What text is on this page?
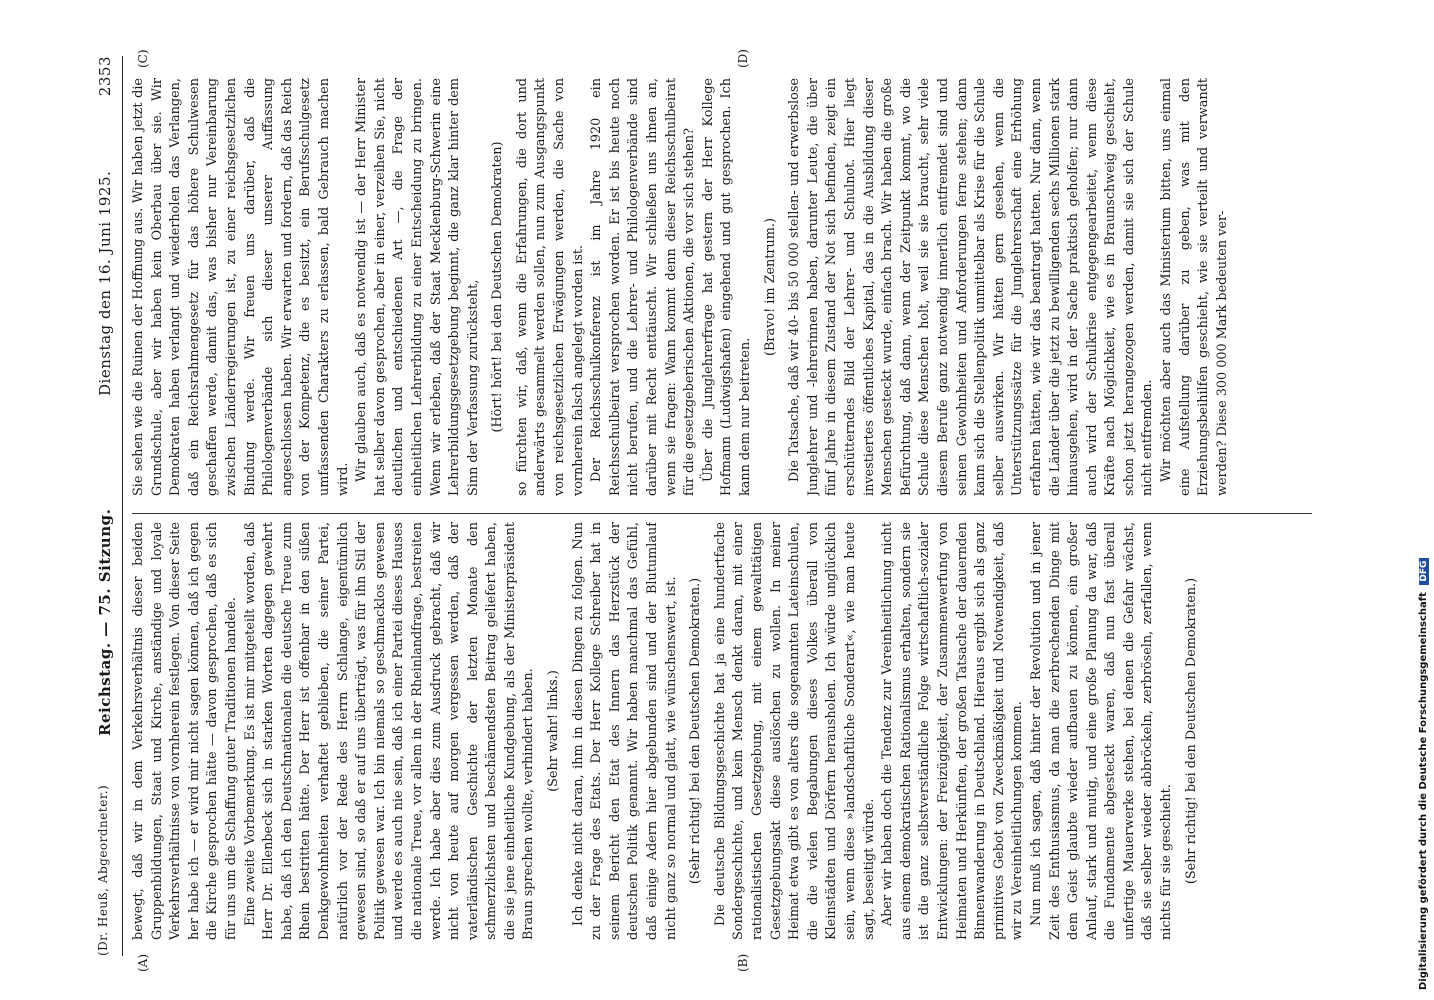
(Dr. Heuß, Abgeordneter.)
Reichstag. — 75. Sitzung.
Dienstag den 16. Juni 1925.
2353
(A)	(B)
(C)	(D)

bewegt, daß wir in dem Verkehrsverhältnis dieser beiden Gruppenbildungen, Staat und Kirche, anständige und loyale Verkehrsverhältnisse von vornherein festlegen. Von dieser Seite her habe ich — er wird mir nicht sagen können, daß ich gegen die Kirche gesprochen hätte — davon gesprochen, daß es sich für uns um die Schaffung guter Traditionen handele. Eine zweite Vorbemerkung. Es ist mir mitgeteilt worden, daß Herr Dr. Ellenbeck sich in starken Worten dagegen gewehrt habe, daß ich den Deutschnationalen die deutsche Treue zum Rhein bestritten hätte. Der Herr ist offenbar in den süßen Denkgewohnheiten verhaftet geblieben, die seiner Partei, natürlich vor der Rede des Herrn Schlange, eigentümlich gewesen sind, so daß er auf uns überträgt, was für ihn Stil der Politik gewesen war. Ich bin niemals so geschmacklos gewesen und werde es auch nie sein, daß ich einer Partei dieses Hauses die nationale Treue, vor allem in der Rheinlandfrage, bestreiten werde. Ich habe aber dies zum Ausdruck gebracht, daß wir nicht von heute auf morgen vergessen werden, daß der vaterländischen Geschichte der letzten Monate den schmerzlichsten und beschämendsten Beitrag geliefert haben, die sie jene einheitliche Kundgebung, als der Ministerpräsident Braun sprechen wollte, verhindert haben. (Sehr wahr! links.) Ich denke nicht daran, ihm in diesen Dingen zu folgen. Nun zu der Frage des Etats. Der Herr Kollege Schreiber hat in seinem Bericht den Etat des Innern das Herzstück der deutschen Politik genannt. Wir haben manchmal das Gefühl, daß einige Adern hier abgebunden sind und der Blutumlauf nicht ganz so normal und glatt, wie wünschenswert, ist. (Sehr richtig! bei den Deutschen Demokraten.) Die deutsche Bildungsgeschichte hat ja eine hundertfache Sondergeschichte, und kein Mensch denkt daran, mit einer rationalistischen Gesetzgebung, mit einem gewalttätigen Gesetzgebungsakt diese auslöschen zu wollen. In meiner Heimat etwa gibt es von alters die sogenannten Lateinschulen, die die vielen Begabungen dieses Volkes überall von Kleinstädten und Dörfern herausholen. Ich würde unglücklich sein, wenn diese »landschaftliche Sonderart«, wie man heute sagt, beseitigt würde. Aber wir haben doch die Tendenz zur Vereinheitlichung nicht aus einem demokratischen Rationalismus erhalten, sondern sie ist die ganz selbstverständliche Folge wirtschaftlich-sozialer Entwicklungen: der Freizügigkeit, der Zusammenwerfung von Heimaten und Herkünften, der großen Tatsache der dauernden Binnenwanderung in Deutschland. Hieraus ergibt sich als ganz primitives Gebot von Zweckmäßigkeit und Notwendigkeit, daß wir zu Vereinheitlichungen kommen. Nun muß ich sagen, daß hinter der Revolution und in jener Zeit des Enthusiasmus, da man die zerbrechenden Dinge mit dem Geist glaubte wieder aufbauen zu können, ein großer Anlauf, stark und mutig, und eine große Planung da war, daß die Fundamente abgesteckt waren, daß nun fast überall unfertige Mauerwerke stehen, bei denen die Gefahr wächst, daß sie selber wieder abbröckeln, zerbröseln, zerfallen, wenn nichts für sie geschieht. (Sehr richtig! bei den Deutschen Demokraten.)

Sie sehen wie die Ruinen der Hoffnung aus. Wir haben jetzt die Grundschule, aber wir haben kein Oberbau über sie. Wir Demokraten haben verlangt und wiederholen das Verlangen, daß ein Reichsrahmengesetz für das höhere Schulwesen geschaffen werde, damit das, was bisher nur Vereinbarung zwischen Länderregierungen ist, zu einer reichsgesetzlichen Bindung werde. Wir freuen uns darüber, daß die Philologenverbände sich dieser unserer Auffassung angeschlossen haben. Wir erwarten und fordern, daß das Reich von der Kompetenz, die es besitzt, ein Berufsschulgesetz umfassenden Charakters zu erlassen, bald Gebrauch machen wird. Wir glauben auch, daß es notwendig ist — der Herr Minister hat selber davon gesprochen, aber in einer, verzeihen Sie, nicht deutlichen und entschiedenen Art —, die Frage der einheitlichen Lehrerbildung zu einer Entscheidung zu bringen. Wenn wir erleben, daß der Staat Mecklenburg-Schwerin eine Lehrerbildungsgesetzgebung beginnt, die ganz klar hinter dem Sinn der Verfassung zurücksteht, (Hört! hört! bei den Deutschen Demokraten) so fürchten wir, daß, wenn die Erfahrungen, die dort und anderwärts gesammelt werden sollen, nun zum Ausgangspunkt von reichsgesetzlichen Erwägungen werden, die Sache von vornherein falsch angelegt worden ist. Der Reichsschulkonferenz ist im Jahre 1920 ein Reichsschulbeirat versprochen worden. Er ist bis heute noch nicht berufen, und die Lehrer- und Philologenverbände sind darüber mit Recht enttäuscht. Wir schließen uns ihnen an, wenn sie fragen: Wann kommt denn dieser Reichsschulbeirat für die gesetzgeberischen Aktionen, die vor sich stehen? Über die Junglehrerfrage hat gestern der Herr Kollege Hofmann (Ludwigshafen) eingehend und gut gesprochen. Ich kann dem nur beitreten.

(Bravo! im Zentrum.) Die Tatsache, daß wir 40- bis 50 000 stellen- und erwerbslose Junglehrer und -lehrerinnen haben, darunter Leute, die über fünf Jahre in diesem Zustand der Not sich befinden, zeigt ein erschütterndes Bild der Lehrer- und Schulnot. Hier liegt investiertes öffentliches Kapital, das in die Ausbildung dieser Menschen gesteckt wurde, einfach brach. Wir haben die große Befürchtung, daß dann, wenn der Zeitpunkt kommt, wo die Schule diese Menschen holt, weil sie sie braucht, sehr viele diesem Berufe ganz notwendig innerlich entfremdet sind und seinen Gewohnheiten und Anforderungen ferne stehen; dann kann sich die Stellenpolitik unmittelbar als Krise für die Schule selber auswirken. Wir hätten gern gesehen, wenn die Unterstützungssätze für die Junglehrerschaft eine Erhöhung erfahren hätten, wie wir das beantragt hatten. Nur dann, wenn die Länder über die jetzt zu bewilligenden sechs Millionen stark hinausgehen, wird in der Sache praktisch geholfen; nur dann auch wird der Schulkrise entgegengearbeitet, wenn diese Kräfte nach Möglichkeit, wie es in Braunschweig geschieht, schon jetzt herangezogen werden, damit sie sich der Schule nicht entfremden. Wir möchten aber auch das Ministerium bitten, uns einmal eine Aufstellung darüber zu geben, was mit den Erziehungsbeihilfen geschieht, wie sie verteilt und verwandt werden? Diese 300 000 Mark bedeuten ver-

Digitalisierung gefördert durch die Deutsche Forschungsgemeinschaft DFG
